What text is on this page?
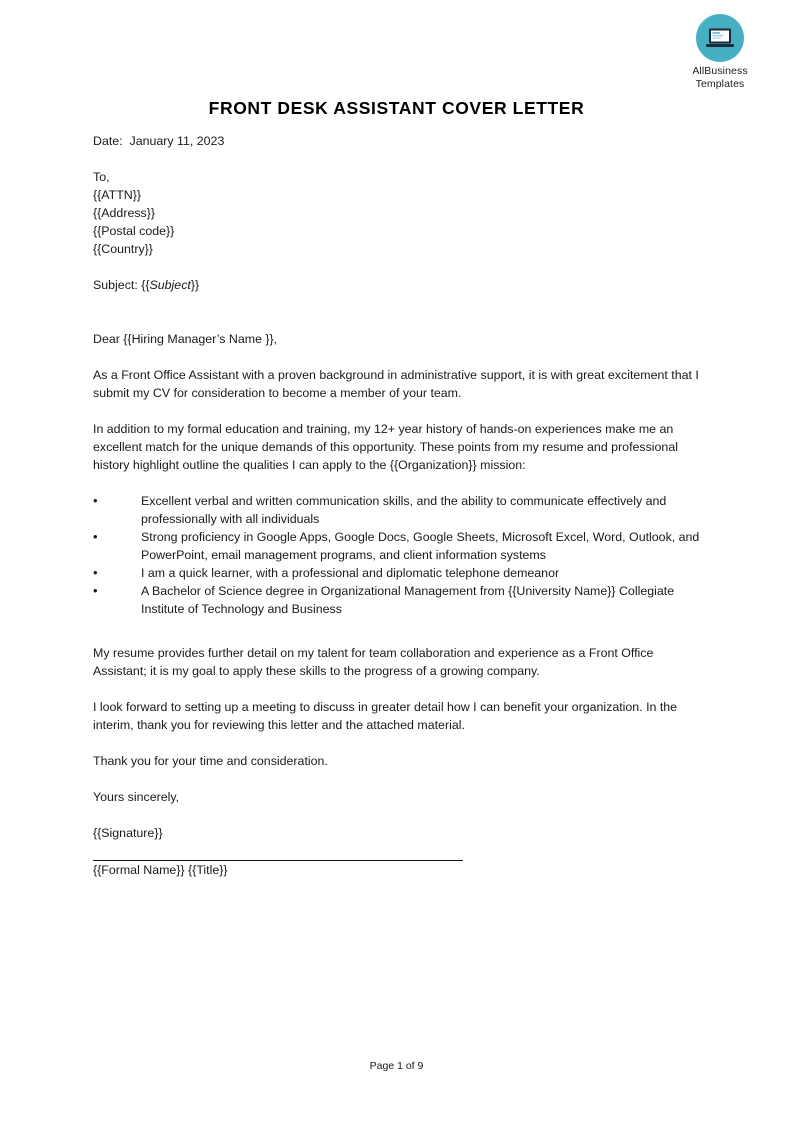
AllBusiness
Templates
FRONT DESK ASSISTANT COVER LETTER
Date:  January 11, 2023
To,
{{ATTN}}
{{Address}}
{{Postal code}}
{{Country}}
Subject: {{Subject}}
Dear {{Hiring Manager’s Name }},

As a Front Office Assistant with a proven background in administrative support, it is with great excitement that I submit my CV for consideration to become a member of your team.

In addition to my formal education and training, my 12+ year history of hands-on experiences make me an excellent match for the unique demands of this opportunity. These points from my resume and professional history highlight outline the qualities I can apply to the {{Organization}} mission:

•	Excellent verbal and written communication skills, and the ability to communicate effectively and professionally with all individuals
•	Strong proficiency in Google Apps, Google Docs, Google Sheets, Microsoft Excel, Word, Outlook, and PowerPoint, email management programs, and client information systems
•	I am a quick learner, with a professional and diplomatic telephone demeanor
•	A Bachelor of Science degree in Organizational Management from {{University Name}} Collegiate Institute of Technology and Business

My resume provides further detail on my talent for team collaboration and experience as a Front Office Assistant; it is my goal to apply these skills to the progress of a growing company.

I look forward to setting up a meeting to discuss in greater detail how I can benefit your organization. In the interim, thank you for reviewing this letter and the attached material.

Thank you for your time and consideration.

Yours sincerely,
{{Signature}}
{{Formal Name}} {{Title}}
Page 1 of 9
